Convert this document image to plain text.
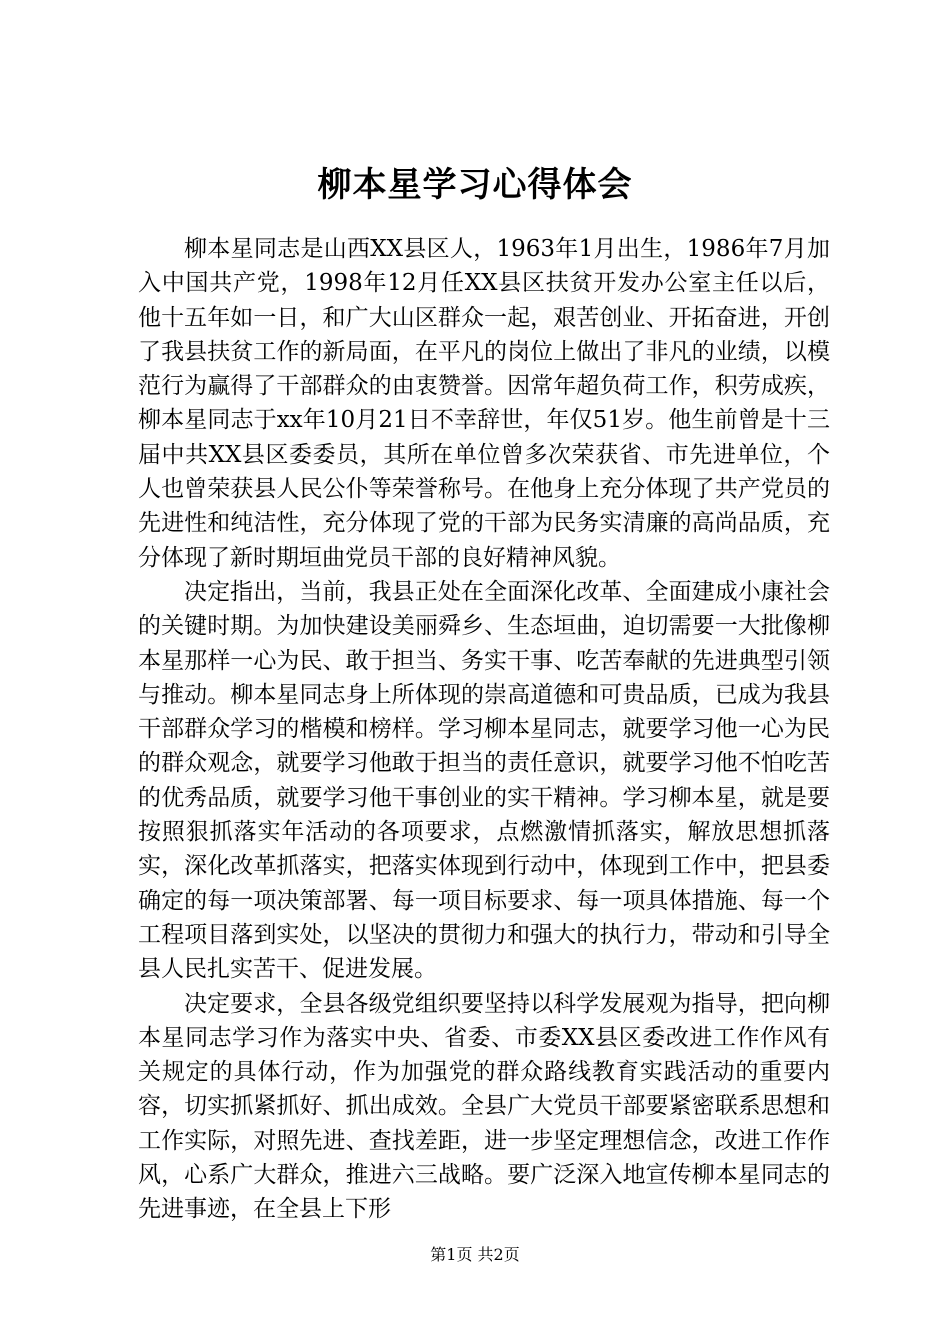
柳本星学习心得体会

柳本星同志是山西XX县区人，1963年1月出生，1986年7月加入中国共产党，1998年12月任XX县区扶贫开发办公室主任以后，他十五年如一日，和广大山区群众一起，艰苦创业、开拓奋进，开创了我县扶贫工作的新局面，在平凡的岗位上做出了非凡的业绩，以模范行为赢得了干部群众的由衷赞誉。因常年超负荷工作，积劳成疾，柳本星同志于xx年10月21日不幸辞世，年仅51岁。他生前曾是十三届中共XX县区委委员，其所在单位曾多次荣获省、市先进单位，个人也曾荣获县人民公仆等荣誉称号。在他身上充分体现了共产党员的先进性和纯洁性，充分体现了党的干部为民务实清廉的高尚品质，充分体现了新时期垣曲党员干部的良好精神风貌。

决定指出，当前，我县正处在全面深化改革、全面建成小康社会的关键时期。为加快建设美丽舜乡、生态垣曲，迫切需要一大批像柳本星那样一心为民、敢于担当、务实干事、吃苦奉献的先进典型引领与推动。柳本星同志身上所体现的崇高道德和可贵品质，已成为我县干部群众学习的楷模和榜样。学习柳本星同志，就要学习他一心为民的群众观念，就要学习他敢于担当的责任意识，就要学习他不怕吃苦的优秀品质，就要学习他干事创业的实干精神。学习柳本星，就是要按照狠抓落实年活动的各项要求，点燃激情抓落实，解放思想抓落实，深化改革抓落实，把落实体现到行动中，体现到工作中，把县委确定的每一项决策部署、每一项目标要求、每一项具体措施、每一个工程项目落到实处，以坚决的贯彻力和强大的执行力，带动和引导全县人民扎实苦干、促进发展。

决定要求，全县各级党组织要坚持以科学发展观为指导，把向柳本星同志学习作为落实中央、省委、市委XX县区委改进工作作风有关规定的具体行动，作为加强党的群众路线教育实践活动的重要内容，切实抓紧抓好、抓出成效。全县广大党员干部要紧密联系思想和工作实际，对照先进、查找差距，进一步坚定理想信念，改进工作作风，心系广大群众，推进六三战略。要广泛深入地宣传柳本星同志的先进事迹，在全县上下形

第1页 共2页
